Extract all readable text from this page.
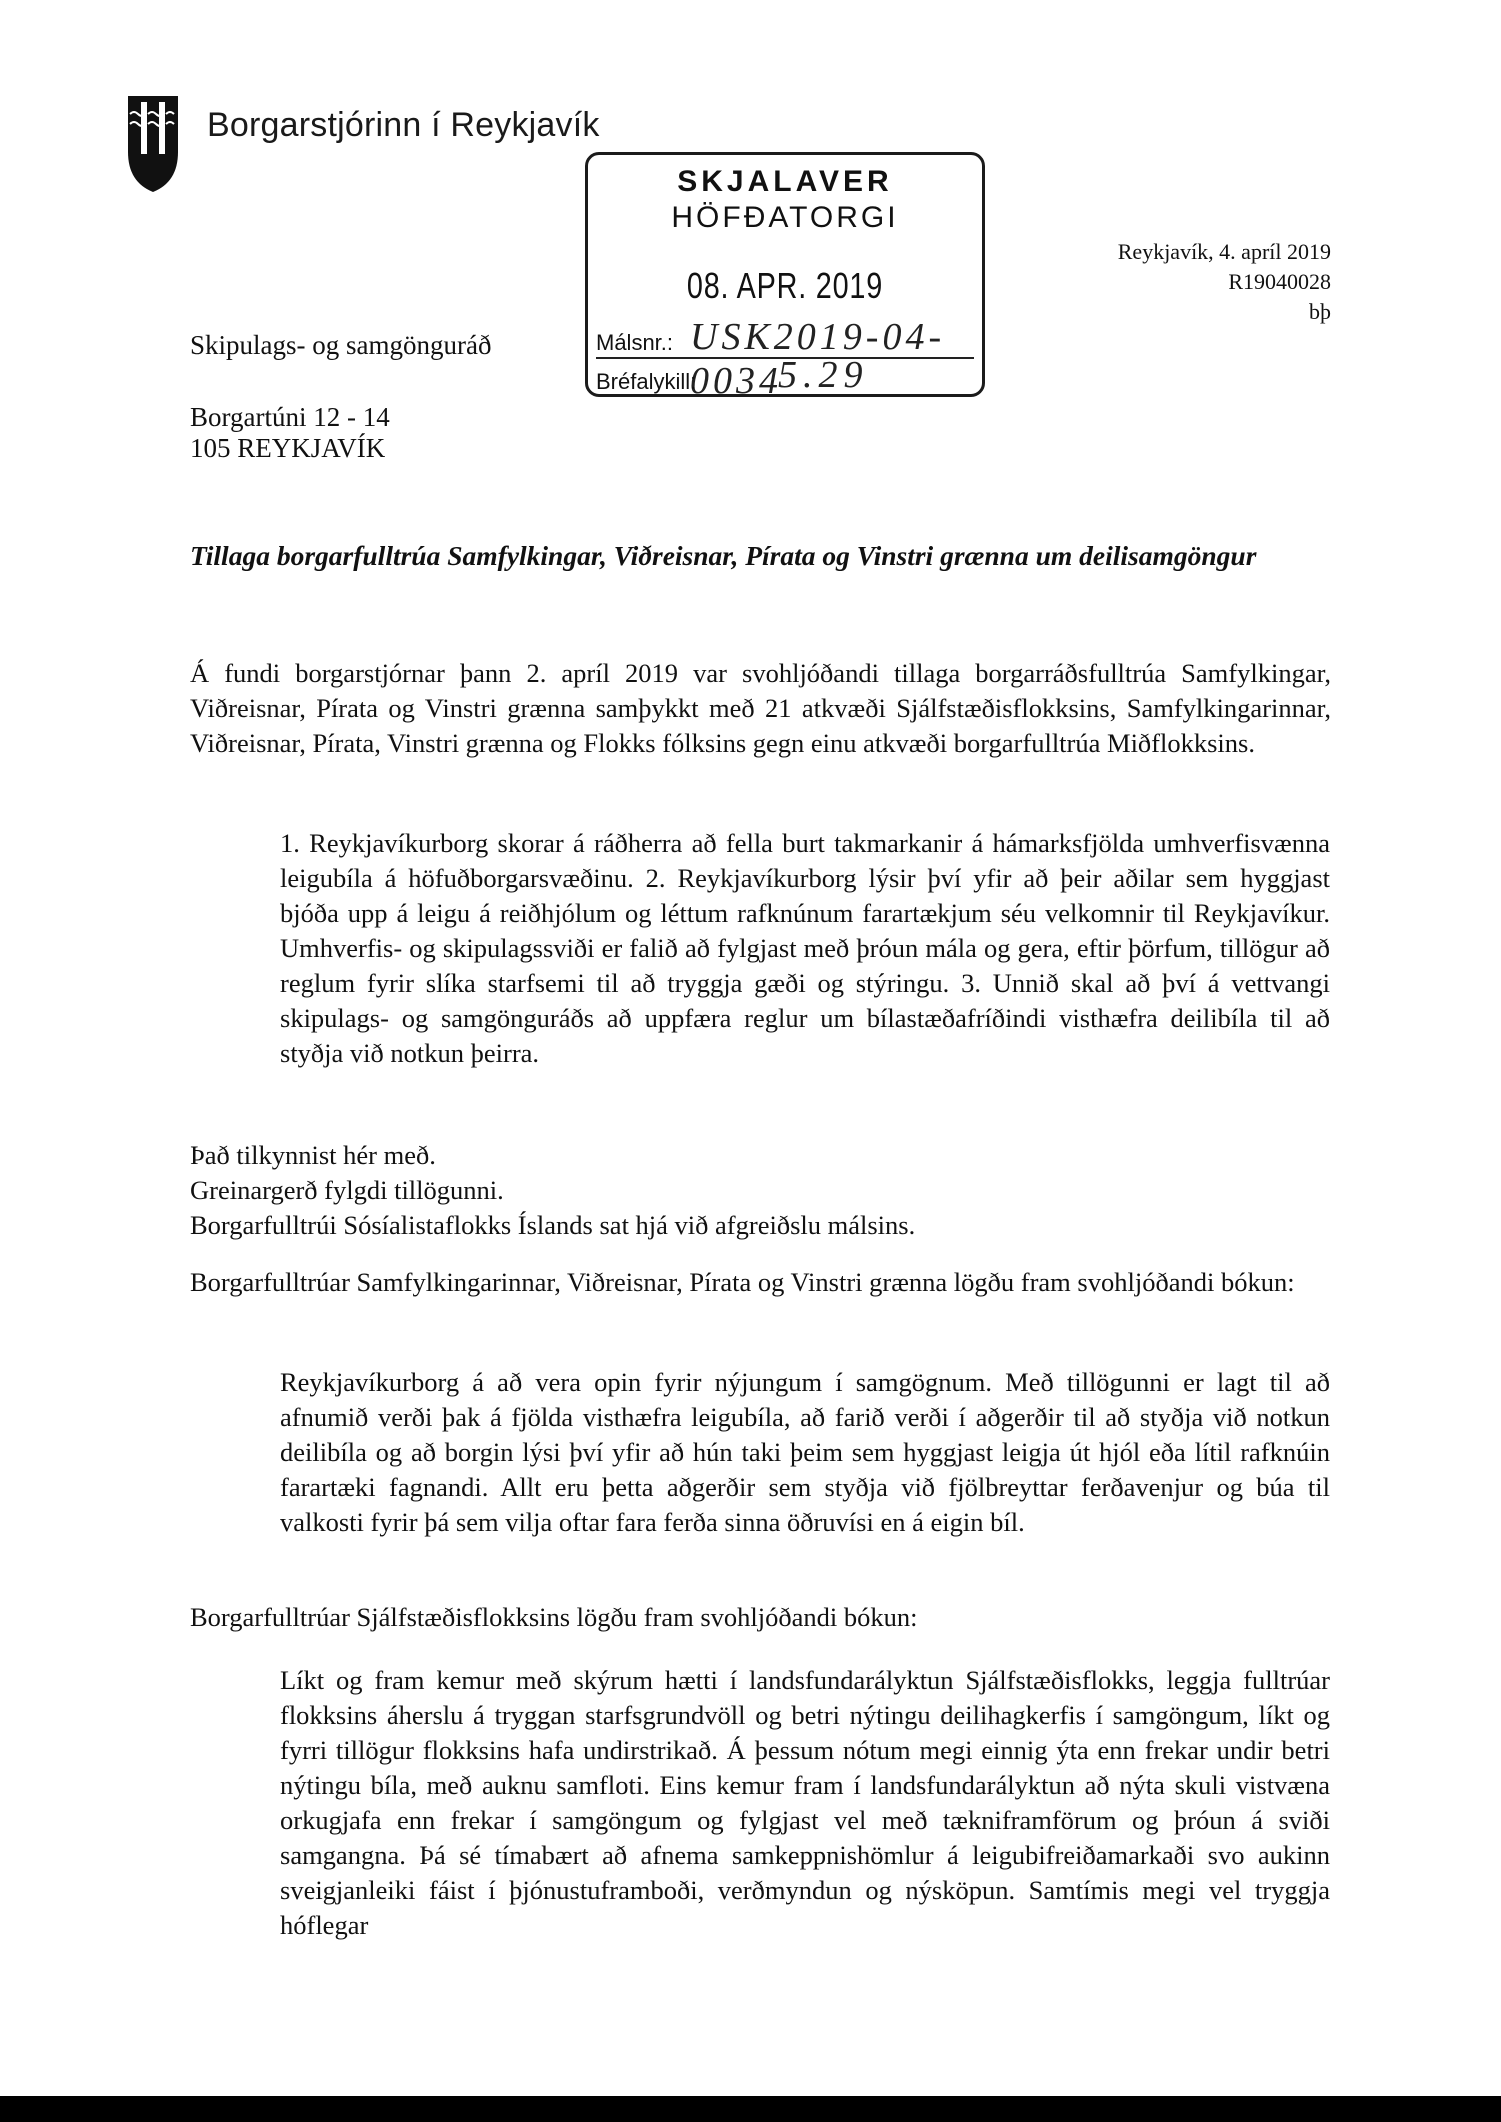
Borgarstjórinn í Reykjavík
SKJALAVER
HÖFÐATORGI
08. APR. 2019
Málsnr.: USK2019-04-0034
Bréfalykill: 5.29
Reykjavík, 4. apríl 2019
R19040028
bþ
Skipulags- og samgönguráð
Borgartúni 12 - 14
105 REYKJAVÍK
Tillaga borgarfulltrúa Samfylkingar, Viðreisnar, Pírata og Vinstri grænna um deilisamgöngur
Á fundi borgarstjórnar þann 2. apríl 2019 var svohljóðandi tillaga borgarráðsfulltrúa Samfylkingar, Viðreisnar, Pírata og Vinstri grænna samþykkt með 21 atkvæði Sjálfstæðisflokksins, Samfylkingarinnar, Viðreisnar, Pírata, Vinstri grænna og Flokks fólksins gegn einu atkvæði borgarfulltrúa Miðflokksins.
1. Reykjavíkurborg skorar á ráðherra að fella burt takmarkanir á hámarksfjölda umhverfisvænna leigubíla á höfuðborgarsvæðinu. 2. Reykjavíkurborg lýsir því yfir að þeir aðilar sem hyggjast bjóða upp á leigu á reiðhjólum og léttum rafknúnum farartækjum séu velkomnir til Reykjavíkur. Umhverfis- og skipulagssviði er falið að fylgjast með þróun mála og gera, eftir þörfum, tillögur að reglum fyrir slíka starfsemi til að tryggja gæði og stýringu. 3. Unnið skal að því á vettvangi skipulags- og samgönguráðs að uppfæra reglur um bílastæðafríðindi visthæfra deilibíla til að styðja við notkun þeirra.
Það tilkynnist hér með.
Greinargerð fylgdi tillögunni.
Borgarfulltrúi Sósíalistaflokks Íslands sat hjá við afgreiðslu málsins.
Borgarfulltrúar Samfylkingarinnar, Viðreisnar, Pírata og Vinstri grænna lögðu fram svohljóðandi bókun:
Reykjavíkurborg á að vera opin fyrir nýjungum í samgögnum. Með tillögunni er lagt til að afnumið verði þak á fjölda visthæfra leigubíla, að farið verði í aðgerðir til að styðja við notkun deilibíla og að borgin lýsi því yfir að hún taki þeim sem hyggjast leigja út hjól eða lítil rafknúin farartæki fagnandi. Allt eru þetta aðgerðir sem styðja við fjölbreyttar ferðavenjur og búa til valkosti fyrir þá sem vilja oftar fara ferða sinna öðruvísi en á eigin bíl.
Borgarfulltrúar Sjálfstæðisflokksins lögðu fram svohljóðandi bókun:
Líkt og fram kemur með skýrum hætti í landsfundarályktun Sjálfstæðisflokks, leggja fulltrúar flokksins áherslu á tryggan starfsgrundvöll og betri nýtingu deilihagkerfis í samgöngum, líkt og fyrri tillögur flokksins hafa undirstrikað. Á þessum nótum megi einnig ýta enn frekar undir betri nýtingu bíla, með auknu samfloti. Eins kemur fram í landsfundarályktun að nýta skuli vistvæna orkugjafa enn frekar í samgöngum og fylgjast vel með tækniframförum og þróun á sviði samgangna. Þá sé tímabært að afnema samkeppnishömlur á leigubifreiðamarkaði svo aukinn sveigjanleiki fáist í þjónustuframboði, verðmyndun og nýsköpun. Samtímis megi vel tryggja hóflegar
